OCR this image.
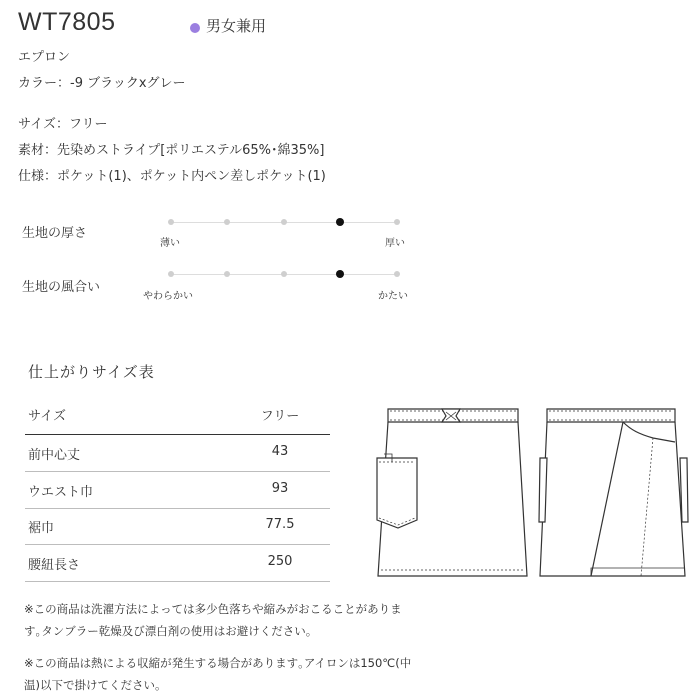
WT7805	男女兼用
エプロン
カラー：-9 ブラックxグレー
サイズ：フリー
素材：先染めストライプ[ポリエステル65%･綿35%]
仕様：ポケット(1)、ポケット内ペン差しポケット(1)
生地の厚さ
薄い	厚い
生地の風合い
やわらかい	かたい
仕上がりサイズ表
サイズ	フリー
前中心丈	43
ウエスト巾	93
裾巾	77.5
腰紐長さ	250
※この商品は洗濯方法によっては多少色落ちや縮みがおこることがありま
す｡タンブラー乾燥及び漂白剤の使用はお避けください｡
※この商品は熱による収縮が発生する場合があります｡アイロンは150℃(中
温)以下で掛けてください｡
